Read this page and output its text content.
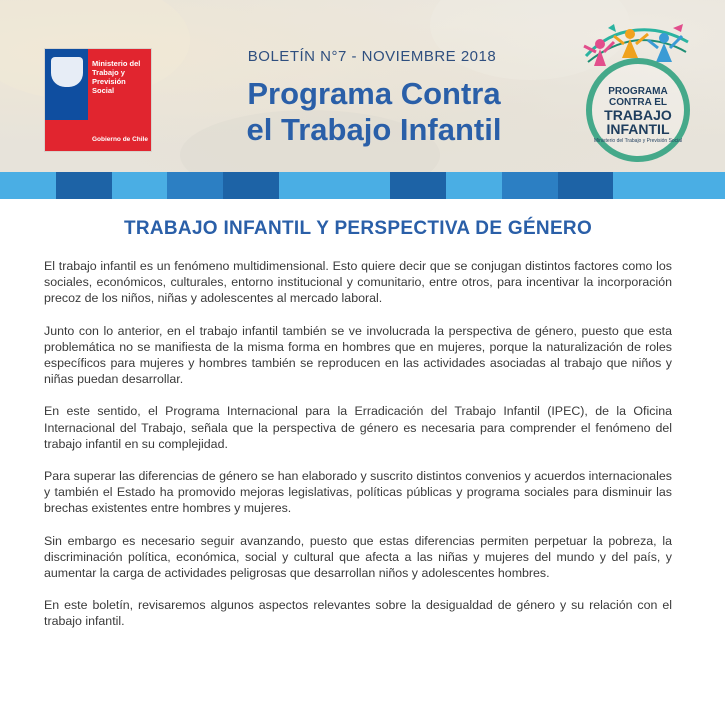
Ministerio del Trabajo y Previsión Social
Gobierno de Chile
BOLETÍN N°7 - NOVIEMBRE 2018
Programa Contra
el Trabajo Infantil
PROGRAMA
CONTRA EL
TRABAJO
INFANTIL
Ministerio del Trabajo y Previsión Social
TRABAJO INFANTIL Y PERSPECTIVA DE GÉNERO

El trabajo infantil es un fenómeno multidimensional. Esto quiere decir que se conjugan distintos factores como los sociales, económicos, culturales, entorno institucional y comunitario, entre otros, para incentivar la incorporación precoz de los niños, niñas y adolescentes al mercado laboral.

Junto con lo anterior, en el trabajo infantil también se ve involucrada la perspectiva de género, puesto que esta problemática no se manifiesta de la misma forma en hombres que en mujeres, porque la naturalización de roles específicos para mujeres y hombres también se reproducen en las actividades asociadas al trabajo que niños y niñas puedan desarrollar.

En este sentido, el Programa Internacional para la Erradicación del Trabajo Infantil (IPEC), de la Oficina Internacional del Trabajo, señala que la perspectiva de género es necesaria para comprender el fenómeno del trabajo infantil en su complejidad.

Para superar las diferencias de género se han elaborado y suscrito distintos convenios y acuerdos internacionales y también el Estado ha promovido mejoras legislativas, políticas públicas y programa sociales para disminuir las brechas existentes entre hombres y mujeres.

Sin embargo es necesario seguir avanzando, puesto que estas diferencias permiten perpetuar la pobreza, la discriminación política, económica, social y cultural que afecta a las niñas y mujeres del mundo y del país, y aumentar la carga de actividades peligrosas que desarrollan niños y adolescentes hombres.

En este boletín, revisaremos algunos aspectos relevantes sobre la desigualdad de género y su relación con el trabajo infantil.
